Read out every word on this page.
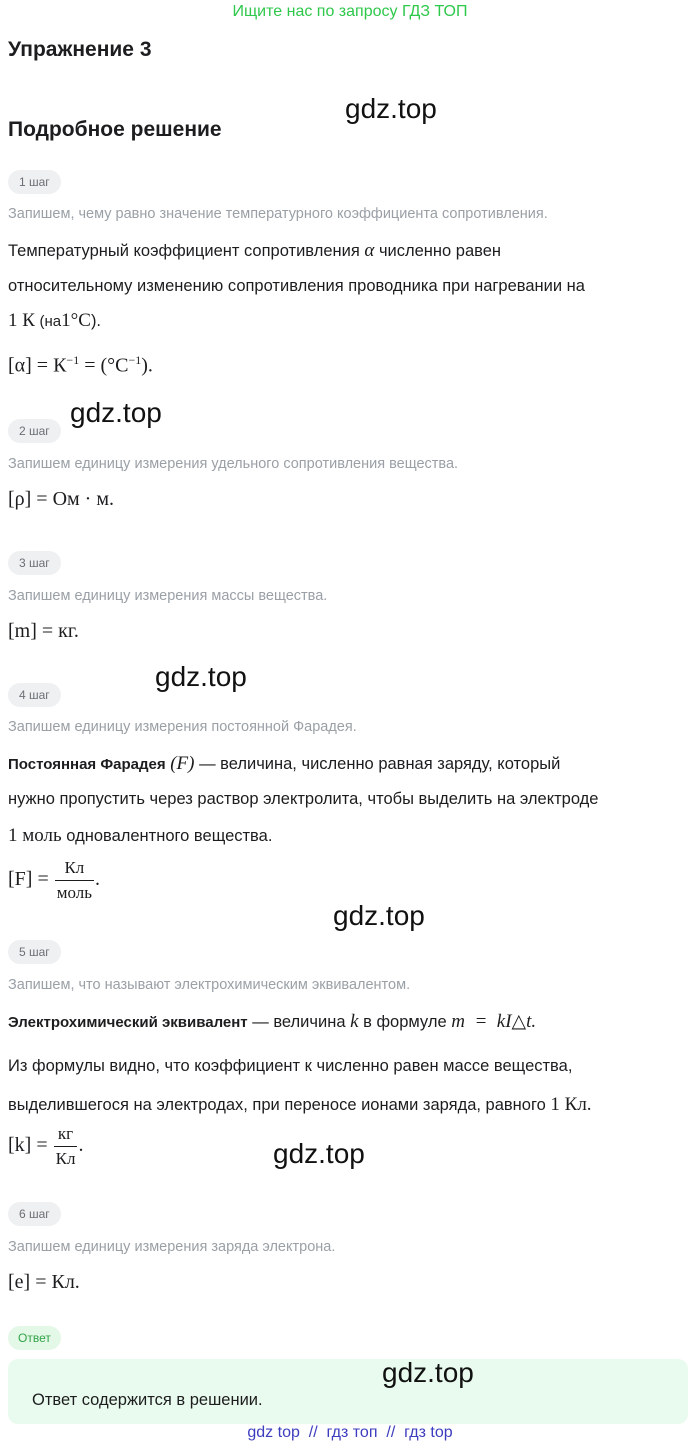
Ищите нас по запросу ГДЗ ТОП
Упражнение 3
gdz.top
Подробное решение
1 шаг
Запишем, чему равно значение температурного коэффициента сопротивления.
Температурный коэффициент сопротивления α численно равен
относительному изменению сопротивления проводника при нагревании на
1 К (на1°C).
$[\alpha] = К^{-1} = (^\circ C^{-1})$.
gdz.top
2 шаг
Запишем единицу измерения удельного сопротивления вещества.
[ρ] = Ом · м.
3 шаг
Запишем единицу измерения массы вещества.
[m] = кг.
gdz.top
4 шаг
Запишем единицу измерения постоянной Фарадея.
Постоянная Фарадея (F) — величина, численно равная заряду, который
нужно пропустить через раствор электролита, чтобы выделить на электроде
1 моль одновалентного вещества.
$[F] = \frac{Кл}{\text{моль}}$ .
gdz.top
5 шаг
Запишем, что называют электрохимическим эквивалентом.
Электрохимический эквивалент — величина k в формуле m  =  kI△t.
Из формулы видно, что коэффициент к численно равен массе вещества,
выделившегося на электродах, при переносе ионами заряда, равного 1 Кл.
$[k] = \frac{кг}{Кл}$ .	gdz.top
6 шаг
Запишем единицу измерения заряда электрона.
[e] = Кл.
Ответ
gdz.top
Ответ содержится в решении.
gdz top  //  гдз топ  //  гдз top
